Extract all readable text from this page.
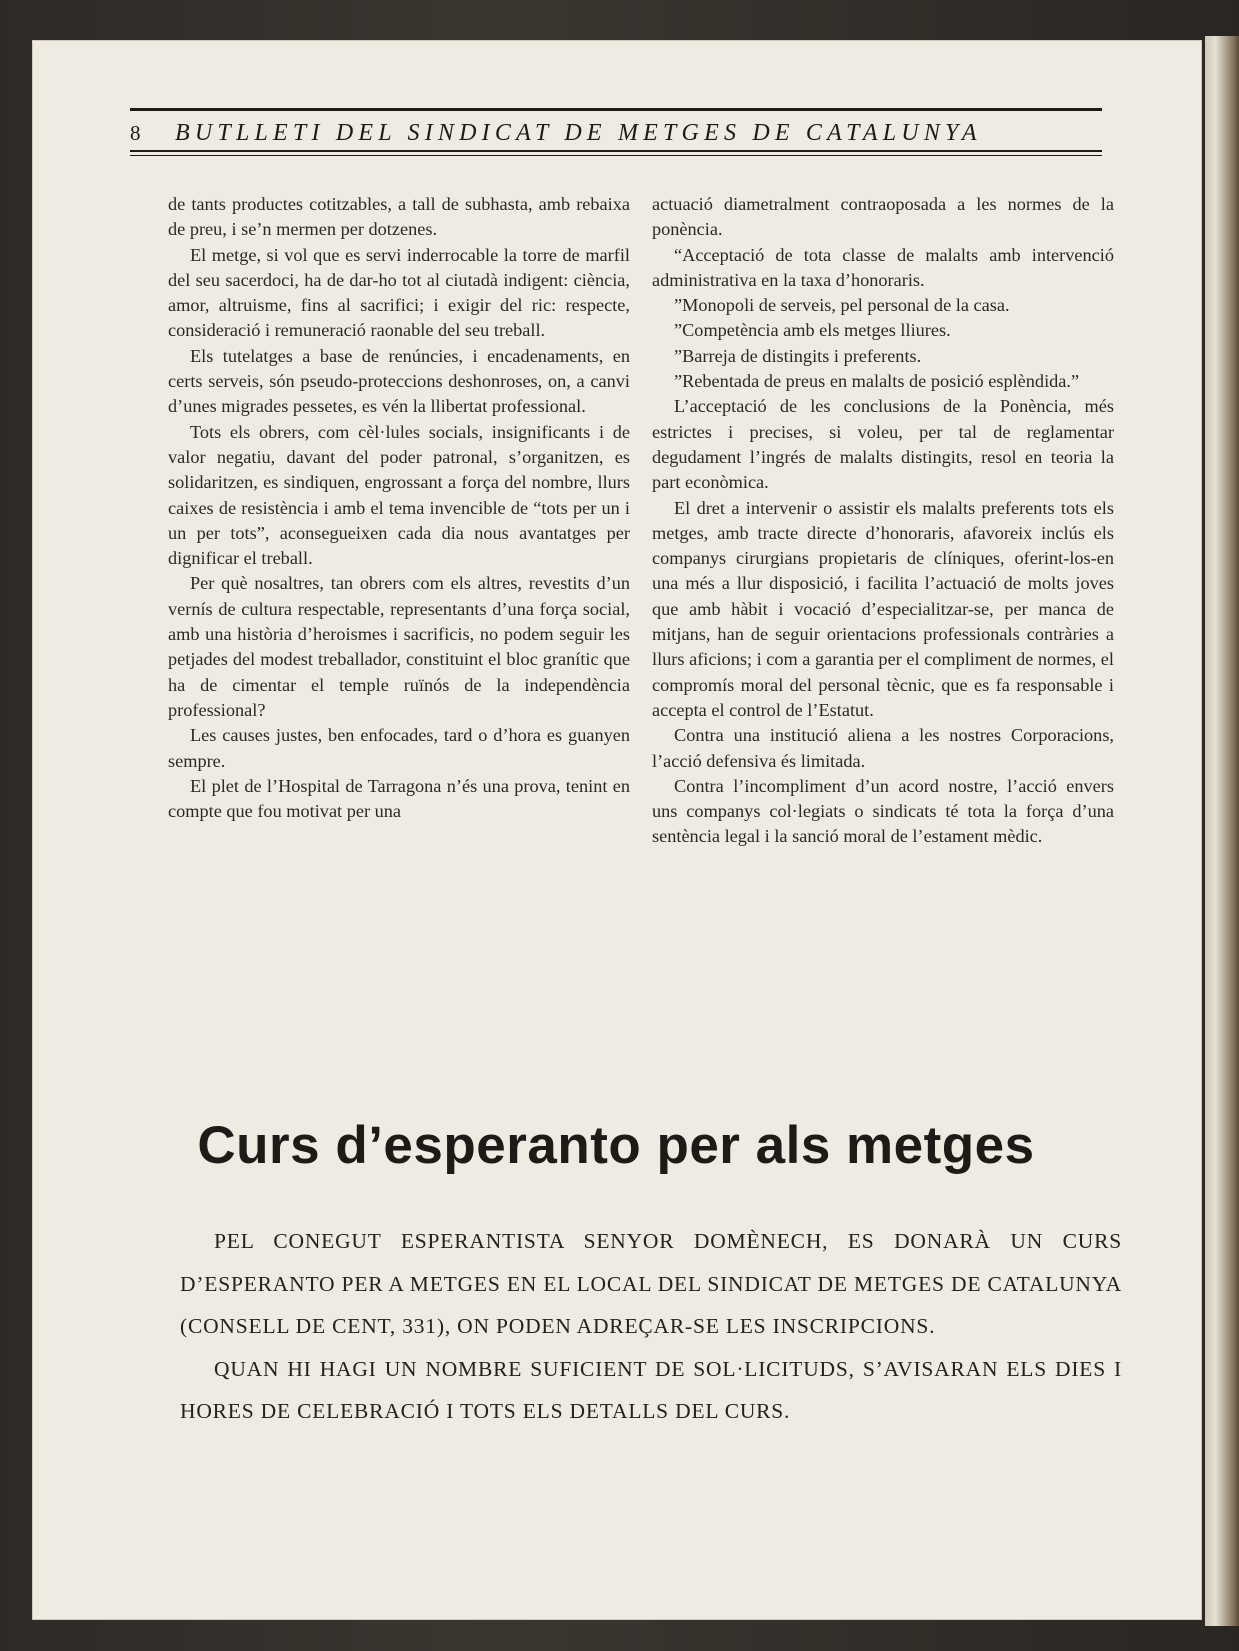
8	BUTLLETI DEL SINDICAT DE METGES DE CATALUNYA

de tants productes cotitzables, a tall de subhasta, amb rebaixa de preu, i se’n mermen per dotzenes.

El metge, si vol que es servi inderrocable la torre de marfil del seu sacerdoci, ha de dar-ho tot al ciutadà indigent: ciència, amor, altruisme, fins al sacrifici; i exigir del ric: respecte, consideració i remuneració raonable del seu treball.

Els tutelatges a base de renúncies, i encadenaments, en certs serveis, són pseudo-proteccions deshonroses, on, a canvi d’unes migrades pessetes, es vén la llibertat professional.

Tots els obrers, com cèl·lules socials, insignificants i de valor negatiu, davant del poder patronal, s’organitzen, es solidaritzen, es sindiquen, engrossant a força del nombre, llurs caixes de resistència i amb el tema invencible de “tots per un i un per tots”, aconsegueixen cada dia nous avantatges per dignificar el treball.

Per què nosaltres, tan obrers com els altres, revestits d’un vernís de cultura respectable, representants d’una força social, amb una història d’heroismes i sacrificis, no podem seguir les petjades del modest treballador, constituint el bloc granític que ha de cimentar el temple ruïnós de la independència professional?

Les causes justes, ben enfocades, tard o d’hora es guanyen sempre.

El plet de l’Hospital de Tarragona n’és una prova, tenint en compte que fou motivat per una

actuació diametralment contraoposada a les normes de la ponència.

“Acceptació de tota classe de malalts amb intervenció administrativa en la taxa d’honoraris.

”Monopoli de serveis, pel personal de la casa.

”Competència amb els metges lliures.

”Barreja de distingits i preferents.

”Rebentada de preus en malalts de posició esplèndida.”

L’acceptació de les conclusions de la Ponència, més estrictes i precises, si voleu, per tal de reglamentar degudament l’ingrés de malalts distingits, resol en teoria la part econòmica.

El dret a intervenir o assistir els malalts preferents tots els metges, amb tracte directe d’honoraris, afavoreix inclús els companys cirurgians propietaris de clíniques, oferint-los-en una més a llur disposició, i facilita l’actuació de molts joves que amb hàbit i vocació d’especialitzar-se, per manca de mitjans, han de seguir orientacions professionals contràries a llurs aficions; i com a garantia per el compliment de normes, el compromís moral del personal tècnic, que es fa responsable i accepta el control de l’Estatut.

Contra una institució aliena a les nostres Corporacions, l’acció defensiva és limitada.

Contra l’incompliment d’un acord nostre, l’acció envers uns companys col·legiats o sindicats té tota la força d’una sentència legal i la sanció moral de l’estament mèdic.

Curs d’esperanto per als metges

PEL CONEGUT ESPERANTISTA SENYOR DOMÈNECH, ES DONARÀ UN CURS D’ESPERANTO PER A METGES EN EL LOCAL DEL SINDICAT DE METGES DE CATALUNYA (CONSELL DE CENT, 331), ON PODEN ADREÇAR-SE LES INSCRIPCIONS.

QUAN HI HAGI UN NOMBRE SUFICIENT DE SOL·LICITUDS, S’AVISARAN ELS DIES I HORES DE CELEBRACIÓ I TOTS ELS DETALLS DEL CURS.
